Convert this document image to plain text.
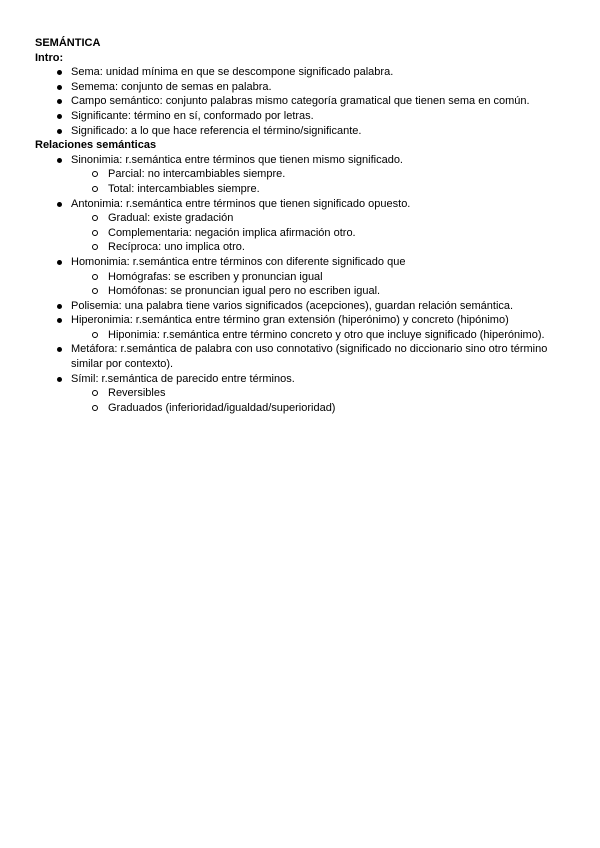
SEMÁNTICA
Intro:
Sema: unidad mínima en que se descompone significado palabra.
Semema: conjunto de semas en palabra.
Campo semántico: conjunto palabras mismo categoría gramatical que tienen sema en común.
Significante: término en sí, conformado por letras.
Significado: a lo que hace referencia el término/significante.
Relaciones semánticas
Sinonimia: r.semántica entre términos que tienen mismo significado.
Parcial: no intercambiables siempre.
Total: intercambiables siempre.
Antonimia: r.semántica entre términos que tienen significado opuesto.
Gradual: existe gradación
Complementaria: negación implica afirmación otro.
Recíproca: uno implica otro.
Homonimia: r.semántica entre términos con diferente significado que
Homógrafas: se escriben y pronuncian igual
Homófonas: se pronuncian igual pero no escriben igual.
Polisemia: una palabra tiene varios significados (acepciones), guardan relación semántica.
Hiperonimia: r.semántica entre término gran extensión (hiperónimo) y concreto (hipónimo)
Hiponimia: r.semántica entre término concreto y otro que incluye significado (hiperónimo).
Metáfora: r.semántica de palabra con uso connotativo (significado no diccionario sino otro término similar por contexto).
Símil: r.semántica de parecido entre términos.
Reversibles
Graduados (inferioridad/igualdad/superioridad)
